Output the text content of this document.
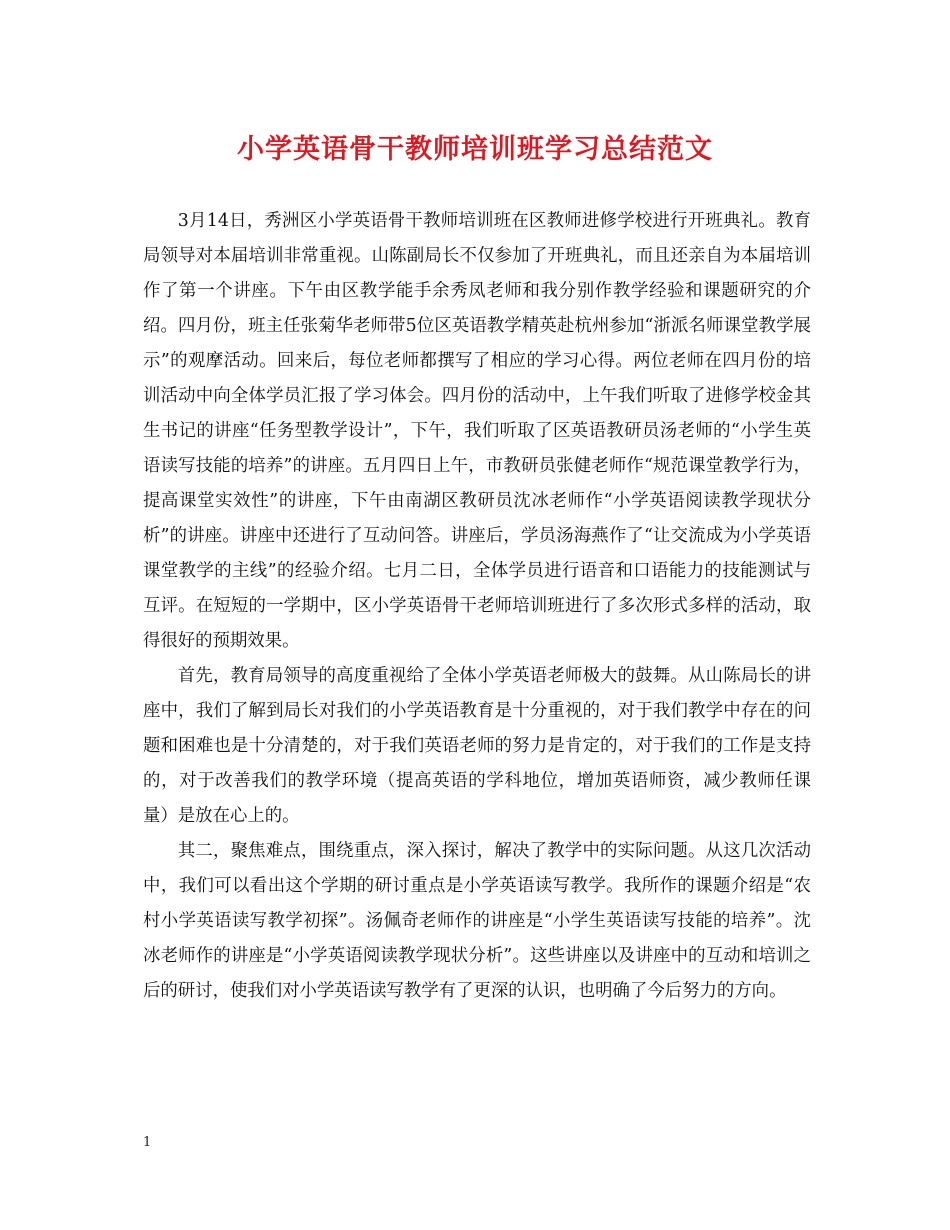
小学英语骨干教师培训班学习总结范文

3月14日，秀洲区小学英语骨干教师培训班在区教师进修学校进行开班典礼。教育局领导对本届培训非常重视。山陈副局长不仅参加了开班典礼，而且还亲自为本届培训作了第一个讲座。下午由区教学能手余秀凤老师和我分别作教学经验和课题研究的介绍。四月份，班主任张菊华老师带5位区英语教学精英赴杭州参加“浙派名师课堂教学展示”的观摩活动。回来后，每位老师都撰写了相应的学习心得。两位老师在四月份的培训活动中向全体学员汇报了学习体会。四月份的活动中，上午我们听取了进修学校金其生书记的讲座“任务型教学设计”，下午，我们听取了区英语教研员汤老师的“小学生英语读写技能的培养”的讲座。五月四日上午，市教研员张健老师作“规范课堂教学行为，提高课堂实效性”的讲座，下午由南湖区教研员沈冰老师作“小学英语阅读教学现状分析”的讲座。讲座中还进行了互动问答。讲座后，学员汤海燕作了“让交流成为小学英语课堂教学的主线”的经验介绍。七月二日，全体学员进行语音和口语能力的技能测试与互评。在短短的一学期中，区小学英语骨干老师培训班进行了多次形式多样的活动，取得很好的预期效果。

首先，教育局领导的高度重视给了全体小学英语老师极大的鼓舞。从山陈局长的讲座中，我们了解到局长对我们的小学英语教育是十分重视的，对于我们教学中存在的问题和困难也是十分清楚的，对于我们英语老师的努力是肯定的，对于我们的工作是支持的，对于改善我们的教学环境（提高英语的学科地位，增加英语师资，减少教师任课量）是放在心上的。

其二，聚焦难点，围绕重点，深入探讨，解决了教学中的实际问题。从这几次活动中，我们可以看出这个学期的研讨重点是小学英语读写教学。我所作的课题介绍是“农村小学英语读写教学初探”。汤佩奇老师作的讲座是“小学生英语读写技能的培养”。沈冰老师作的讲座是“小学英语阅读教学现状分析”。这些讲座以及讲座中的互动和培训之后的研讨，使我们对小学英语读写教学有了更深的认识，也明确了今后努力的方向。

1
